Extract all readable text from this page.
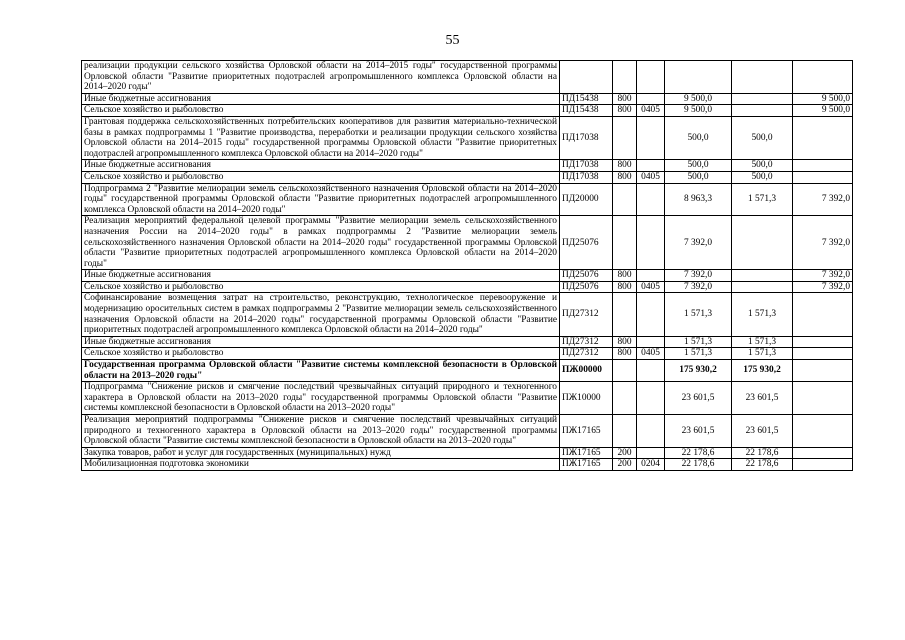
55
реализации продукции сельского хозяйства Орловской области на 2014–2015 годы" государственной программы Орловской области "Развитие приоритетных подотраслей агропромышленного комплекса Орловской области на 2014–2020 годы"						
Иные бюджетные ассигнования	ПД15438	800		9 500,0		9 500,0
Сельское хозяйство и рыболовство	ПД15438	800	0405	9 500,0		9 500,0
Грантовая поддержка сельскохозяйственных потребительских кооперативов для развития материально-технической базы в рамках подпрограммы 1 "Развитие производства, переработки и реализации продукции сельского хозяйства Орловской области на 2014–2015 годы" государственной программы Орловской области "Развитие приоритетных подотраслей агропромышленного комплекса Орловской области на 2014–2020 годы"	ПД17038			500,0	500,0	
Иные бюджетные ассигнования	ПД17038	800		500,0	500,0	
Сельское хозяйство и рыболовство	ПД17038	800	0405	500,0	500,0	
Подпрограмма 2 "Развитие мелиорации земель сельскохозяйственного назначения Орловской области на 2014–2020 годы" государственной программы Орловской области "Развитие приоритетных подотраслей агропромышленного комплекса Орловской области на 2014–2020 годы"	ПД20000			8 963,3	1 571,3	7 392,0
Реализация мероприятий федеральной целевой программы "Развитие мелиорации земель сельскохозяйственного назначения России на 2014–2020 годы" в рамках подпрограммы 2 "Развитие мелиорации земель сельскохозяйственного назначения Орловской области на 2014–2020 годы" государственной программы Орловской области "Развитие приоритетных подотраслей агропромышленного комплекса Орловской области на 2014–2020 годы"	ПД25076			7 392,0		7 392,0
Иные бюджетные ассигнования	ПД25076	800		7 392,0		7 392,0
Сельское хозяйство и рыболовство	ПД25076	800	0405	7 392,0		7 392,0
Софинансирование возмещения затрат на строительство, реконструкцию, технологическое перевооружение и модернизацию оросительных систем в рамках подпрограммы 2 "Развитие мелиорации земель сельскохозяйственного назначения Орловской области на 2014–2020 годы" государственной программы Орловской области "Развитие приоритетных подотраслей агропромышленного комплекса Орловской области на 2014–2020 годы"	ПД27312			1 571,3	1 571,3	
Иные бюджетные ассигнования	ПД27312	800		1 571,3	1 571,3	
Сельское хозяйство и рыболовство	ПД27312	800	0405	1 571,3	1 571,3	
Государственная программа Орловской области "Развитие системы комплексной безопасности в Орловской области на 2013–2020 годы"	ПЖ00000			175 930,2	175 930,2	
Подпрограмма "Снижение рисков и смягчение последствий чрезвычайных ситуаций природного и техногенного характера в Орловской области на 2013–2020 годы" государственной программы Орловской области "Развитие системы комплексной безопасности в Орловской области на 2013–2020 годы"	ПЖ10000			23 601,5	23 601,5	
Реализация мероприятий подпрограммы "Снижение рисков и смягчение последствий чрезвычайных ситуаций природного и техногенного характера в Орловской области на 2013–2020 годы" государственной программы Орловской области "Развитие системы комплексной безопасности в Орловской области на 2013–2020 годы"	ПЖ17165			23 601,5	23 601,5	
Закупка товаров, работ и услуг для государственных (муниципальных) нужд	ПЖ17165	200		22 178,6	22 178,6	
Мобилизационная подготовка экономики	ПЖ17165	200	0204	22 178,6	22 178,6	
